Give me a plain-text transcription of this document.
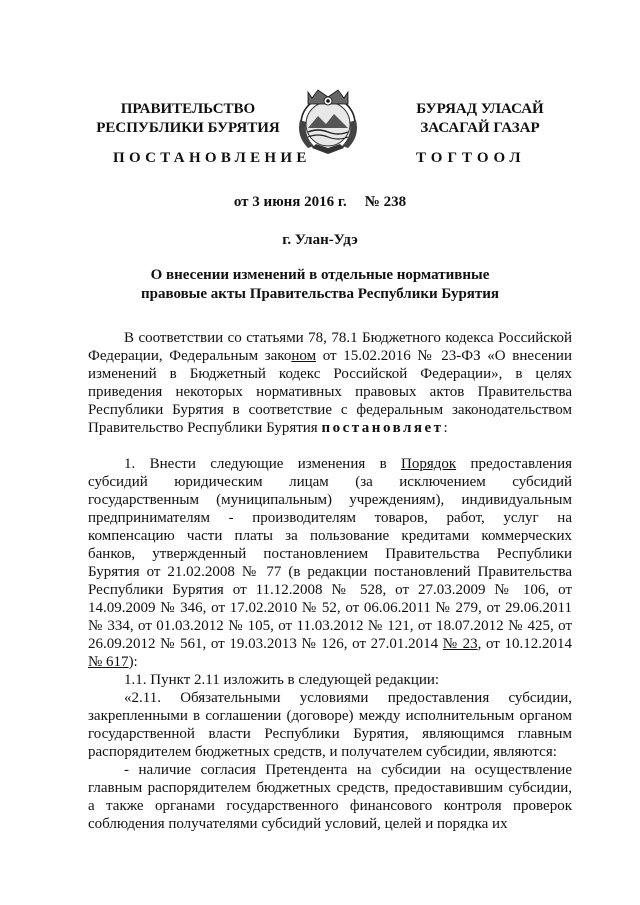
ПРАВИТЕЛЬСТВО
РЕСПУБЛИКИ БУРЯТИЯ
БУРЯАД УЛАСАЙ
ЗАСАГАЙ ГАЗАР
ПОСТАНОВЛЕНИЕ	ТОГТООЛ
от 3 июня 2016 г. № 238
г. Улан-Удэ
О внесении изменений в отдельные нормативные
правовые акты Правительства Республики Бурятия

В соответствии со статьями 78, 78.1 Бюджетного кодекса Российской Федерации, Федеральным законом от 15.02.2016 № 23-ФЗ «О внесении изменений в Бюджетный кодекс Российской Федерации», в целях приведения некоторых нормативных правовых актов Правительства Республики Бурятия в соответствие с федеральным законодательством Правительство Республики Бурятия постановляет:

1. Внести следующие изменения в Порядок предоставления субсидий юридическим лицам (за исключением субсидий государственным (муниципальным) учреждениям), индивидуальным предпринимателям - производителям товаров, работ, услуг на компенсацию части платы за пользование кредитами коммерческих банков, утвержденный постановлением Правительства Республики Бурятия от 21.02.2008 № 77 (в редакции постановлений Правительства Республики Бурятия от 11.12.2008 № 528, от 27.03.2009 № 106, от 14.09.2009 № 346, от 17.02.2010 № 52, от 06.06.2011 № 279, от 29.06.2011 № 334, от 01.03.2012 № 105, от 11.03.2012 № 121, от 18.07.2012 № 425, от 26.09.2012 № 561, от 19.03.2013 № 126, от 27.01.2014 № 23, от 10.12.2014 № 617):

1.1. Пункт 2.11 изложить в следующей редакции:

«2.11. Обязательными условиями предоставления субсидии, закрепленными в соглашении (договоре) между исполнительным органом государственной власти Республики Бурятия, являющимся главным распорядителем бюджетных средств, и получателем субсидии, являются:

- наличие согласия Претендента на субсидии на осуществление главным распорядителем бюджетных средств, предоставившим субсидии, а также органами государственного финансового контроля проверок соблюдения получателями субсидий условий, целей и порядка их
